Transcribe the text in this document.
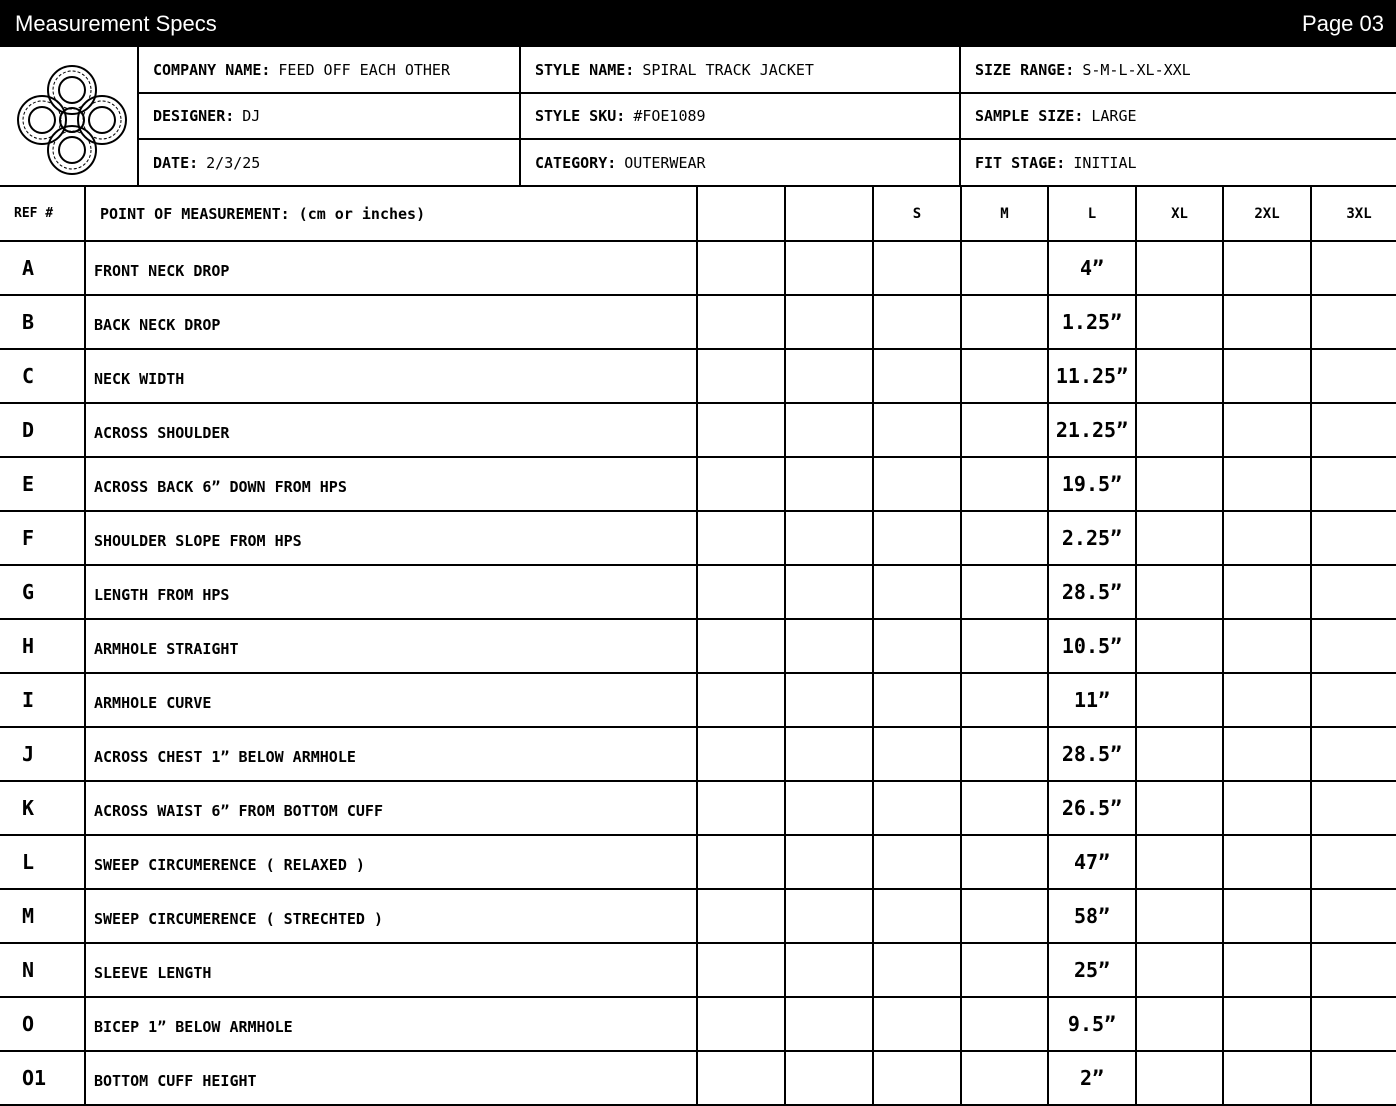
Measurement Specs	Page 03
COMPANY NAME: FEED OFF EACH OTHER
DESIGNER: DJ
DATE: 2/3/25
STYLE NAME: SPIRAL TRACK JACKET
STYLE SKU: #FOE1089
CATEGORY: OUTERWEAR
SIZE RANGE: S-M-L-XL-XXL
SAMPLE SIZE: LARGE
FIT STAGE: INITIAL
REF #	POINT OF MEASUREMENT: (cm or inches)			S	M	L	XL	2XL	3XL
A	FRONT NECK DROP					4”			
B	BACK NECK DROP					1.25”			
C	NECK WIDTH					11.25”			
D	ACROSS SHOULDER					21.25”			
E	ACROSS BACK 6” DOWN FROM HPS					19.5”			
F	SHOULDER SLOPE FROM HPS					2.25”			
G	LENGTH FROM HPS					28.5”			
H	ARMHOLE STRAIGHT					10.5”			
I	ARMHOLE CURVE					11”			
J	ACROSS CHEST 1” BELOW ARMHOLE					28.5”			
K	ACROSS WAIST 6” FROM BOTTOM CUFF					26.5”			
L	SWEEP CIRCUMERENCE ( RELAXED )					47”			
M	SWEEP CIRCUMERENCE ( STRECHTED )					58”			
N	SLEEVE LENGTH					25”			
O	BICEP 1” BELOW ARMHOLE					9.5”			
O1	BOTTOM CUFF HEIGHT					2”			
